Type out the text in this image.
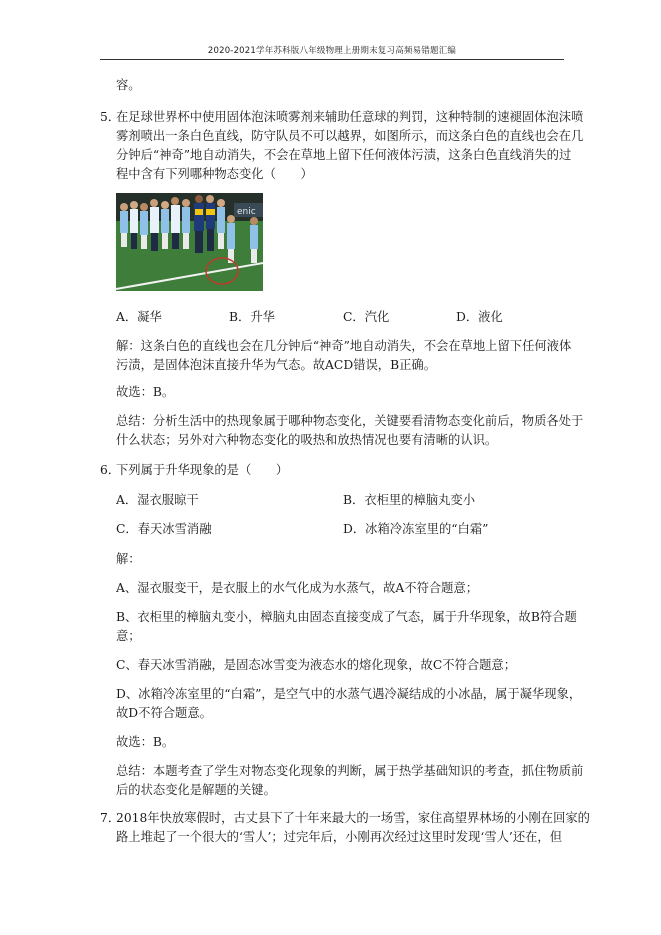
2020-2021学年苏科版八年级物理上册期末复习高频易错题汇编
容。
5．
在足球世界杯中使用固体泡沫喷雾剂来辅助任意球的判罚，这种特制的速褪固体泡沫喷
雾剂喷出一条白色直线，防守队员不可以越界，如图所示，而这条白色的直线也会在几
分钟后“神奇”地自动消失，不会在草地上留下任何液体污渍，这条白色直线消失的过
程中含有下列哪种物态变化（　　）
enic
A．凝华	B．升华	C．汽化	D．液化
解：这条白色的直线也会在几分钟后“神奇”地自动消失，不会在草地上留下任何液体
污渍，是固体泡沫直接升华为气态。故ACD错误，B正确。
故选：B。
总结：分析生活中的热现象属于哪种物态变化，关键要看清物态变化前后，物质各处于
什么状态；另外对六种物态变化的吸热和放热情况也要有清晰的认识。
6．
下列属于升华现象的是（　　）
A．湿衣服晾干	B．衣柜里的樟脑丸变小
C．春天冰雪消融	D．冰箱冷冻室里的“白霜”
解：
A、湿衣服变干，是衣服上的水气化成为水蒸气，故A不符合题意；
B、衣柜里的樟脑丸变小，樟脑丸由固态直接变成了气态，属于升华现象，故B符合题
意；
C、春天冰雪消融，是固态冰雪变为液态水的熔化现象，故C不符合题意；
D、冰箱冷冻室里的“白霜”，是空气中的水蒸气遇冷凝结成的小冰晶，属于凝华现象，
故D不符合题意。
故选：B。
总结：本题考查了学生对物态变化现象的判断，属于热学基础知识的考查，抓住物质前
后的状态变化是解题的关键。
7．
2018年快放寒假时，古丈县下了十年来最大的一场雪，家住高望界林场的小刚在回家的
路上堆起了一个很大的‘雪人’；过完年后，小刚再次经过这里时发现‘雪人’还在，但
